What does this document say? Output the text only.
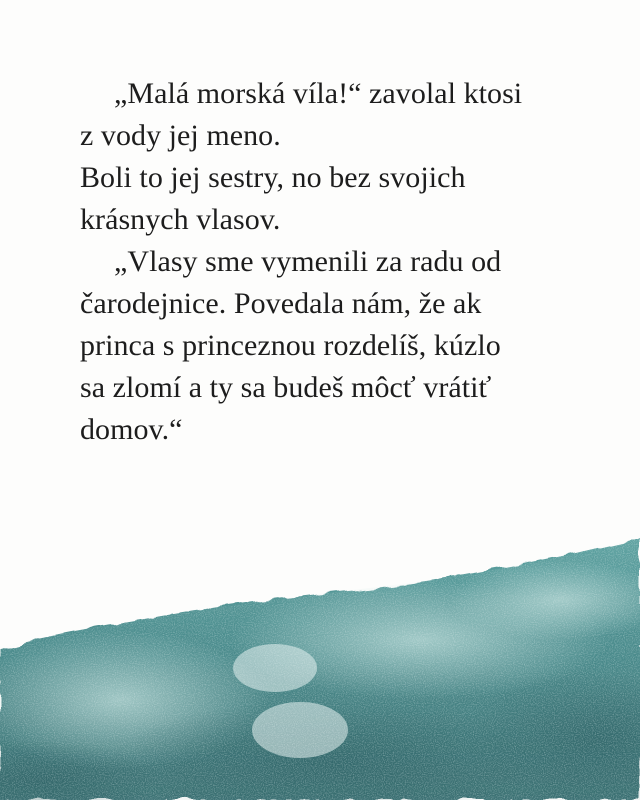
„Malá morská víla!“ zavolal ktosi
z vody jej meno.
Boli to jej sestry, no bez svojich
krásnych vlasov.
„Vlasy sme vymenili za radu od
čarodejnice. Povedala nám, že ak
princa s princeznou rozdelíš, kúzlo
sa zlomí a ty sa budeš môcť vrátiť
domov.“
